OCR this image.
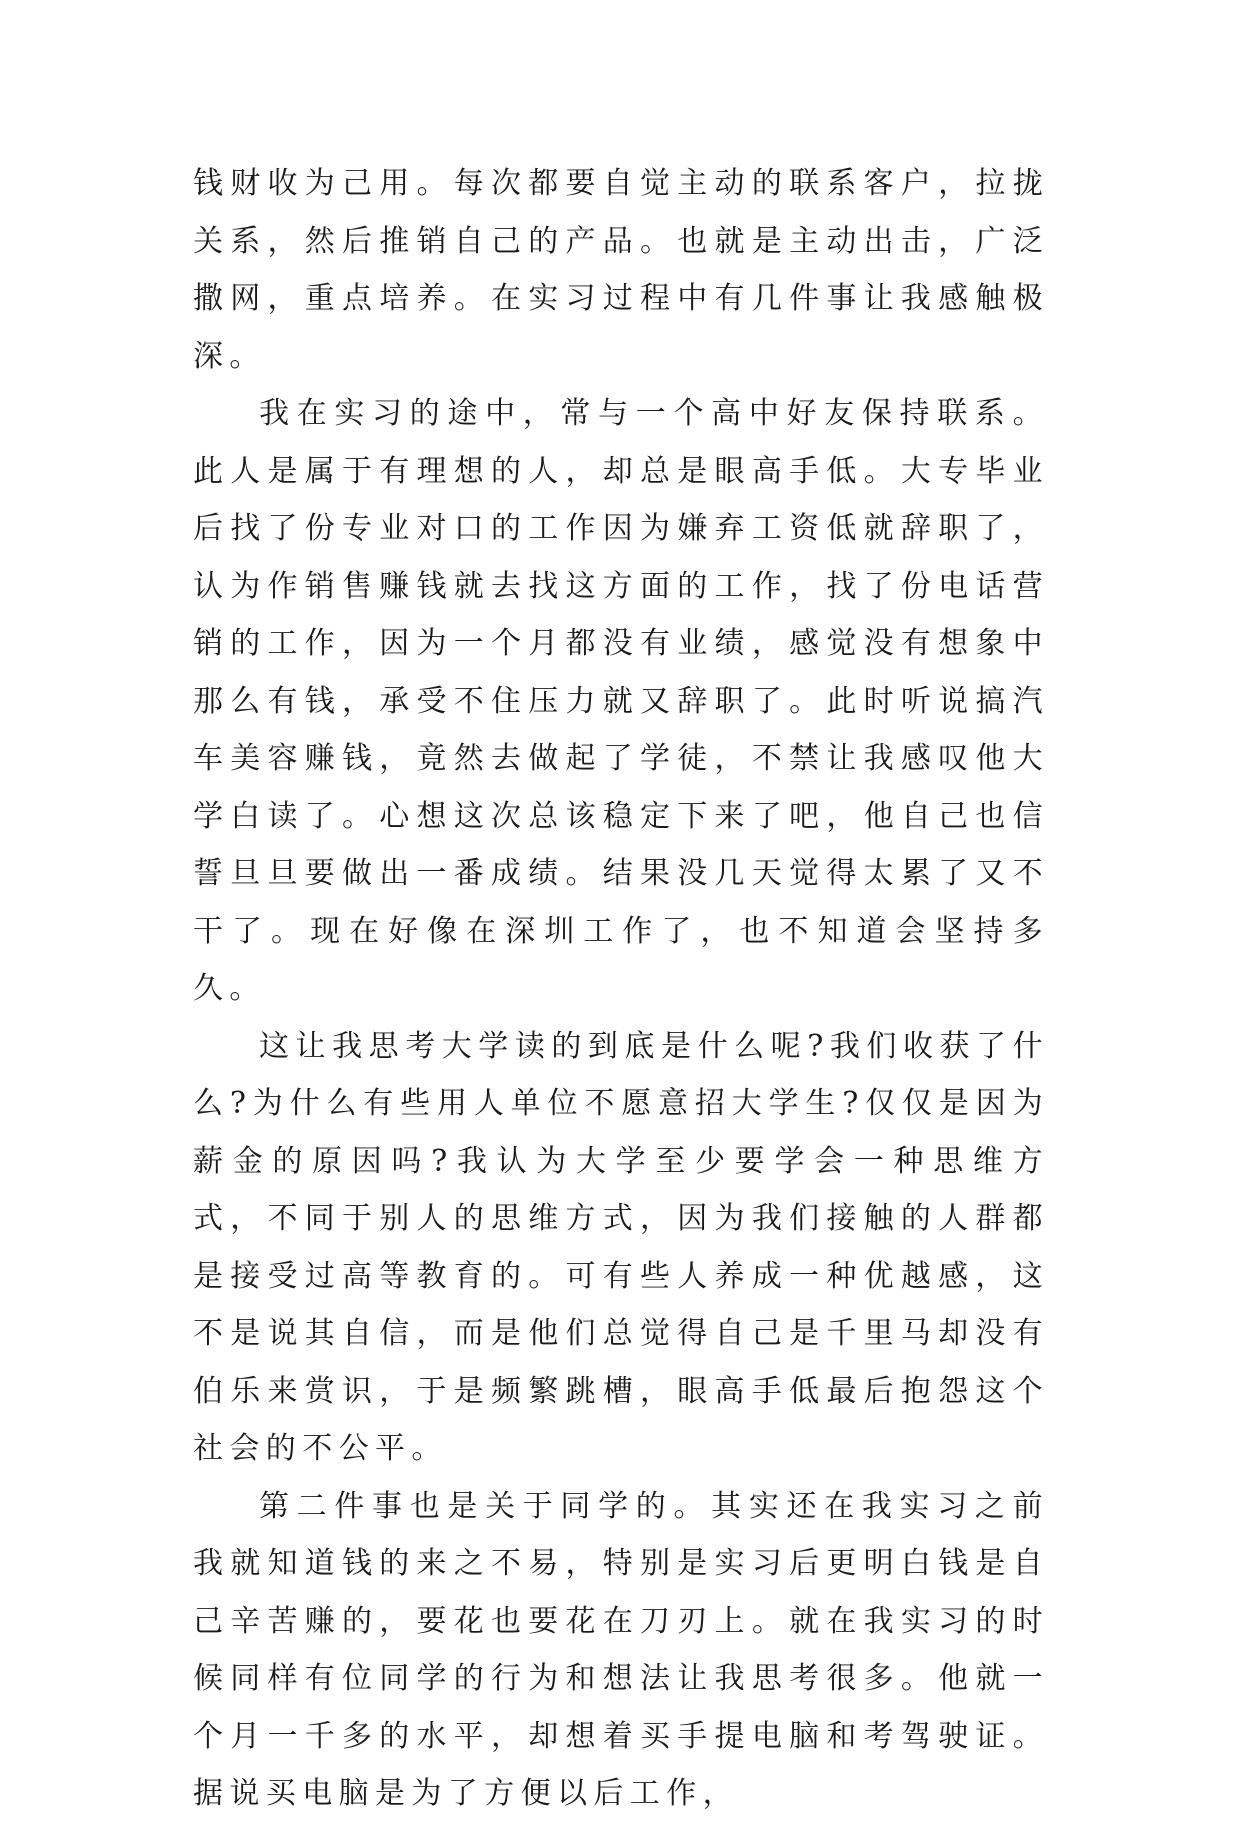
钱财收为己用。每次都要自觉主动的联系客户，拉拢关系，然后推销自己的产品。也就是主动出击，广泛撒网，重点培养。在实习过程中有几件事让我感触极深。

我在实习的途中，常与一个高中好友保持联系。此人是属于有理想的人，却总是眼高手低。大专毕业后找了份专业对口的工作因为嫌弃工资低就辞职了，认为作销售赚钱就去找这方面的工作，找了份电话营销的工作，因为一个月都没有业绩，感觉没有想象中那么有钱，承受不住压力就又辞职了。此时听说搞汽车美容赚钱，竟然去做起了学徒，不禁让我感叹他大学白读了。心想这次总该稳定下来了吧，他自己也信誓旦旦要做出一番成绩。结果没几天觉得太累了又不干了。现在好像在深圳工作了，也不知道会坚持多久。

这让我思考大学读的到底是什么呢?我们收获了什么?为什么有些用人单位不愿意招大学生?仅仅是因为薪金的原因吗?我认为大学至少要学会一种思维方式，不同于别人的思维方式，因为我们接触的人群都是接受过高等教育的。可有些人养成一种优越感，这不是说其自信，而是他们总觉得自己是千里马却没有伯乐来赏识，于是频繁跳槽，眼高手低最后抱怨这个社会的不公平。

第二件事也是关于同学的。其实还在我实习之前我就知道钱的来之不易，特别是实习后更明白钱是自己辛苦赚的，要花也要花在刀刃上。就在我实习的时候同样有位同学的行为和想法让我思考很多。他就一个月一千多的水平，却想着买手提电脑和考驾驶证。据说买电脑是为了方便以后工作，
